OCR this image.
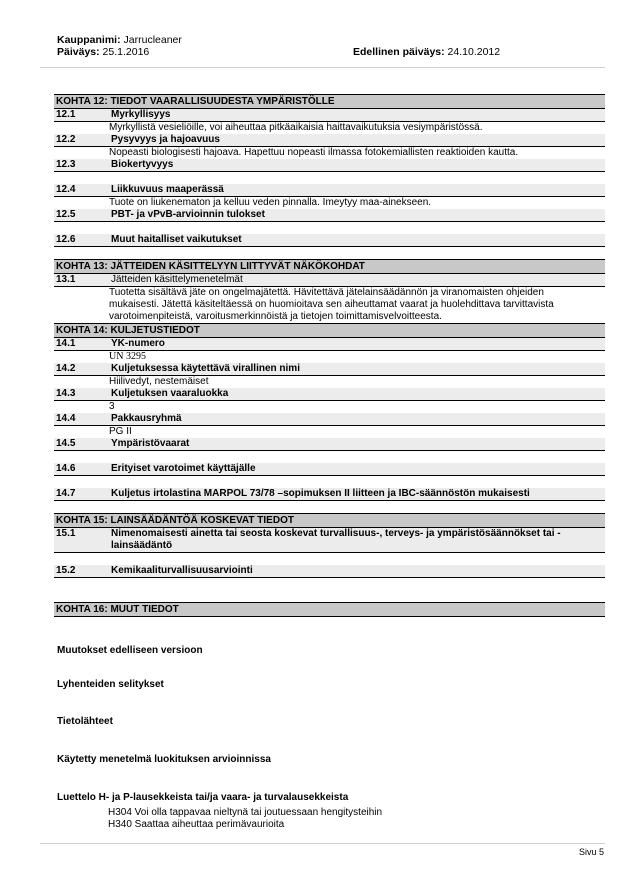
Kauppanimi: Jarrucleaner
Päiväys: 25.1.2016	Edellinen päiväys: 24.10.2012
KOHTA 12: TIEDOT VAARALLISUUDESTA YMPÄRISTÖLLE
12.1	Myrkyllisyys
Myrkyllistä vesieliöille, voi aiheuttaa pitkäaikaisia haittavaikutuksia vesiympäristössä.
12.2	Pysyvyys ja hajoavuus
Nopeasti biologisesti hajoava. Hapettuu nopeasti ilmassa fotokemiallisten reaktioiden kautta.
12.3	Biokertyvyys
12.4	Liikkuvuus maaperässä
Tuote on liukenematon ja kelluu veden pinnalla. Imeytyy maa-ainekseen.
12.5	PBT- ja vPvB-arvioinnin tulokset
12.6	Muut haitalliset vaikutukset
KOHTA 13: JÄTTEIDEN KÄSITTELYYN LIITTYVÄT NÄKÖKOHDAT
13.1	Jätteiden käsittelymenetelmät
Tuotetta sisältävä jäte on ongelmajätettä. Hävitettävä jätelainsäädännön ja viranomaisten ohjeiden
mukaisesti. Jätettä käsiteltäessä on huomioitava sen aiheuttamat vaarat ja huolehdittava tarvittavista
varotoimenpiteistä, varoitusmerkinnöistä ja tietojen toimittamisvelvoitteesta.
KOHTA 14: KULJETUSTIEDOT
14.1	YK-numero
UN 3295
14.2	Kuljetuksessa käytettävä virallinen nimi
Hiilivedyt, nestemäiset
14.3	Kuljetuksen vaaraluokka
3
14.4	Pakkausryhmä
PG II
14.5	Ympäristövaarat
14.6	Erityiset varotoimet käyttäjälle
14.7	Kuljetus irtolastina MARPOL 73/78 –sopimuksen II liitteen ja IBC-säännöstön mukaisesti
KOHTA 15: LAINSÄÄDÄNTÖÄ KOSKEVAT TIEDOT
15.1	Nimenomaisesti ainetta tai seosta koskevat turvallisuus-, terveys- ja ympäristösäännökset tai -
lainsäädäntö
15.2	Kemikaaliturvallisuusarviointi
KOHTA 16: MUUT TIEDOT
Muutokset edelliseen versioon
Lyhenteiden selitykset
Tietolähteet
Käytetty menetelmä luokituksen arvioinnissa
Luettelo H- ja P-lausekkeista tai/ja vaara- ja turvalausekkeista
H304 Voi olla tappavaa nieltynä tai joutuessaan hengitysteihin
H340 Saattaa aiheuttaa perimävaurioita
Sivu 5
